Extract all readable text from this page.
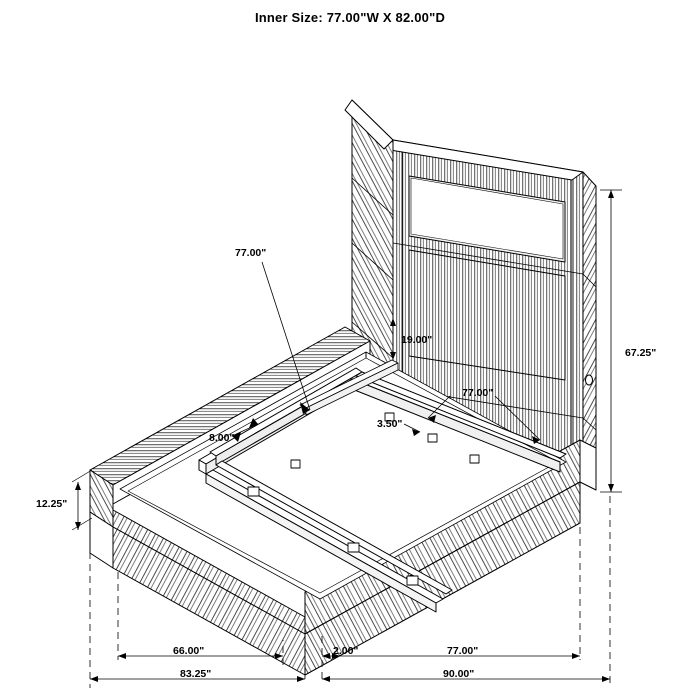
Inner Size: 77.00"W X 82.00"D
77.00"
67.25"
19.00"
77.00"
3.50"
8.00"
12.25"
66.00"	2.00"	77.00"
83.25"	90.00"
